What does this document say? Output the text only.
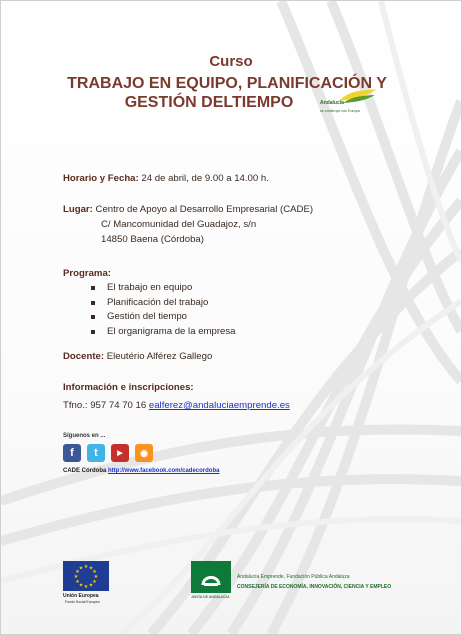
Curso
TRABAJO EN EQUIPO, PLANIFICACIÓN Y
GESTIÓN DELTIEMPO	Andalucía
se construye con Europa
Horario y Fecha: 24 de abril, de 9.00 a 14.00 h.
Lugar: Centro de Apoyo al Desarrollo Empresarial (CADE)
C/ Mancomunidad del Guadajoz, s/n
14850 Baena (Córdoba)
Programa:
El trabajo en equipo
Planificación del trabajo
Gestión del tiempo
El organigrama de la empresa
Docente: Eleutério Alférez Gallego
Información e inscripciones:
Tfno.: 957 74 70 16 ealferez@andaluciaemprende.es
Síguenos en ...
f	t	▶	◉
CADE Córdoba http://www.facebook.com/cadecordoba
★ ★
★
★
★
★
★
★
★
★
★
★
Unión Europea
Fondo Social Europeo
JUNTA DE ANDALUCIA
Andalucía Emprende, Fundación Pública Andaluza
CONSEJERÍA DE ECONOMÍA, INNOVACIÓN, CIENCIA Y EMPLEO
